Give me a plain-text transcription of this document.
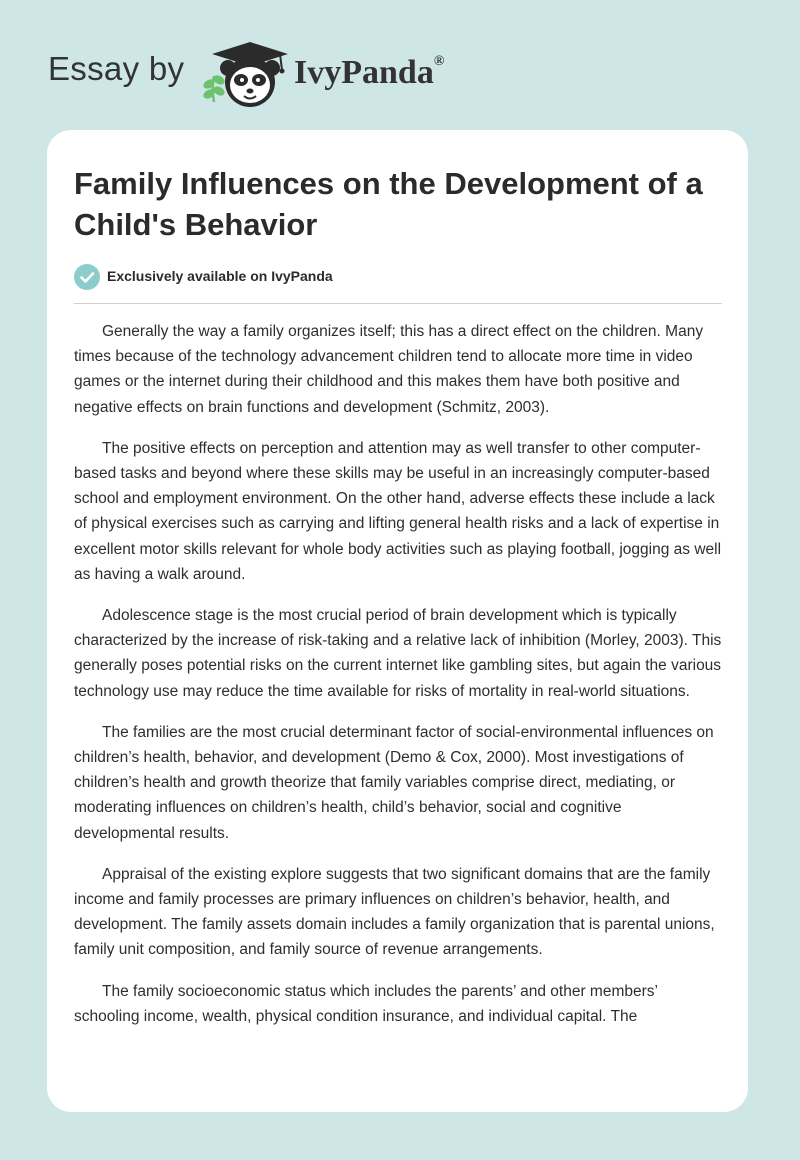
Essay by	IvyPanda®
Family Influences on the Development of a Child's Behavior
Exclusively available on IvyPanda

Generally the way a family organizes itself; this has a direct effect on the children. Many times because of the technology advancement children tend to allocate more time in video games or the internet during their childhood and this makes them have both positive and negative effects on brain functions and development (Schmitz, 2003).

The positive effects on perception and attention may as well transfer to other computer-based tasks and beyond where these skills may be useful in an increasingly computer-based school and employment environment. On the other hand, adverse effects these include a lack of physical exercises such as carrying and lifting general health risks and a lack of expertise in excellent motor skills relevant for whole body activities such as playing football, jogging as well as having a walk around.

Adolescence stage is the most crucial period of brain development which is typically characterized by the increase of risk-taking and a relative lack of inhibition (Morley, 2003). This generally poses potential risks on the current internet like gambling sites, but again the various technology use may reduce the time available for risks of mortality in real-world situations.

The families are the most crucial determinant factor of social-environmental influences on children’s health, behavior, and development (Demo & Cox, 2000). Most investigations of children’s health and growth theorize that family variables comprise direct, mediating, or moderating influences on children’s health, child’s behavior, social and cognitive developmental results.

Appraisal of the existing explore suggests that two significant domains that are the family income and family processes are primary influences on children’s behavior, health, and development. The family assets domain includes a family organization that is parental unions, family unit composition, and family source of revenue arrangements.

The family socioeconomic status which includes the parents’ and other members’ schooling income, wealth, physical condition insurance, and individual capital. The
